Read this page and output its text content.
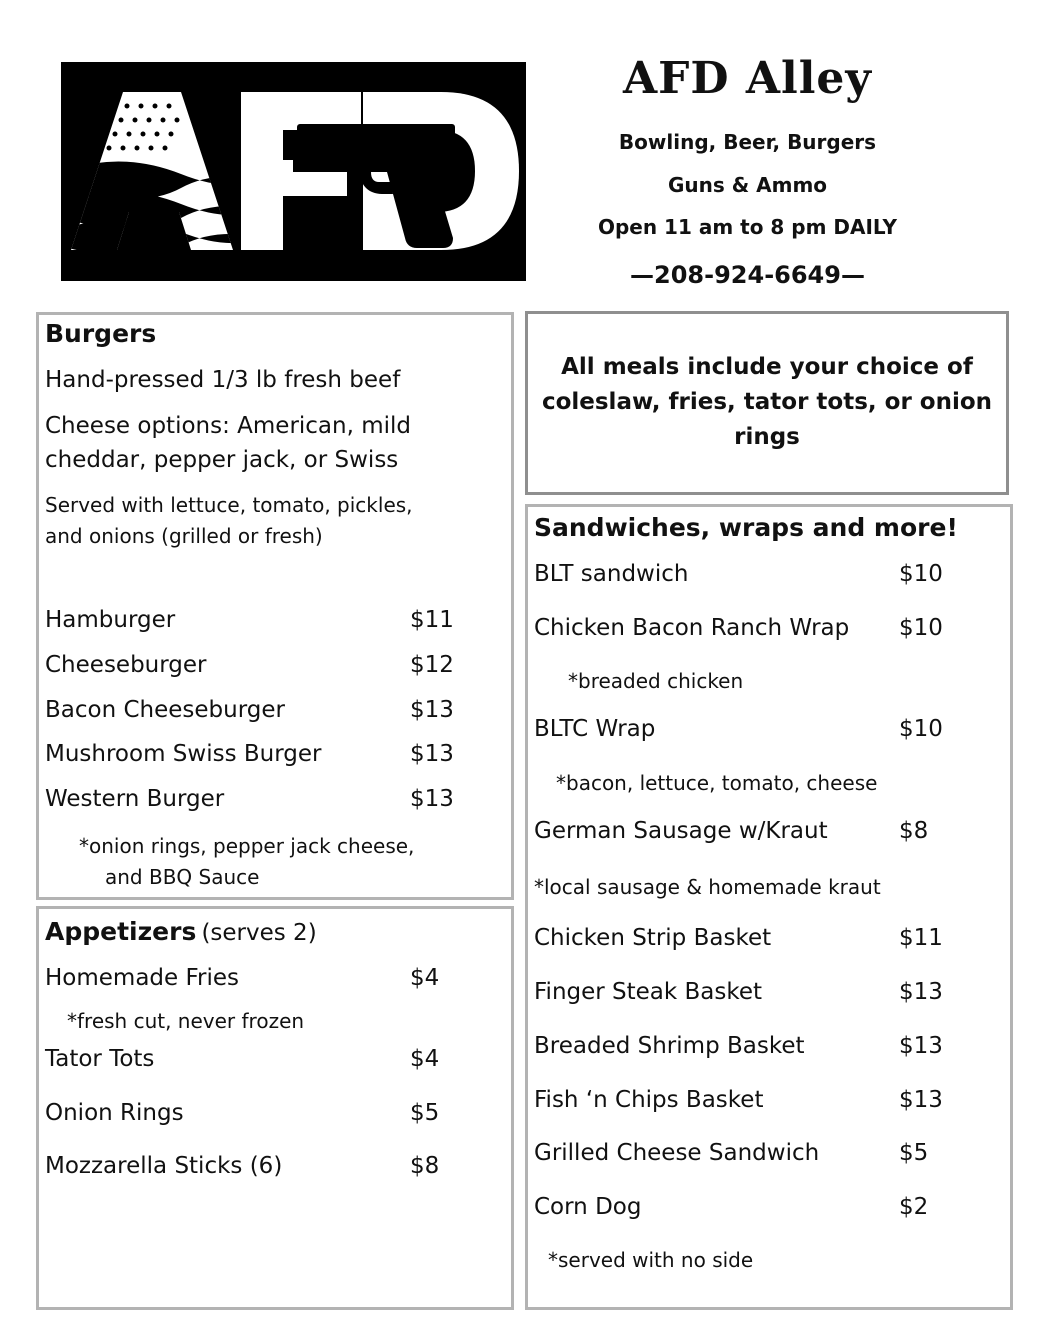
AFD Alley
Bowling, Beer, Burgers
Guns & Ammo
Open 11 am to 8 pm DAILY
—208-924-6649—
Burgers
Hand-pressed 1/3 lb fresh beef
Cheese options: American, mild
cheddar, pepper jack, or Swiss
Served with lettuce, tomato, pickles,
and onions (grilled or fresh)
Hamburger	$11
Cheeseburger	$12
Bacon Cheeseburger	$13
Mushroom Swiss Burger	$13
Western Burger	$13
*onion rings, pepper jack cheese,
and BBQ Sauce
Appetizers (serves 2)
Homemade Fries	$4
*fresh cut, never frozen
Tator Tots	$4
Onion Rings	$5
Mozzarella Sticks (6)	$8
All meals include your choice of coleslaw, fries, tator tots, or onion rings
Sandwiches, wraps and more!
BLT sandwich	$10
Chicken Bacon Ranch Wrap $10
*breaded chicken
BLTC Wrap	$10
*bacon, lettuce, tomato, cheese
German Sausage w/Kraut	$8
*local sausage & homemade kraut
Chicken Strip Basket	$11
Finger Steak Basket	$13
Breaded Shrimp Basket	$13
Fish ‘n Chips Basket	$13
Grilled Cheese Sandwich	$5
Corn Dog	$2
*served with no side
